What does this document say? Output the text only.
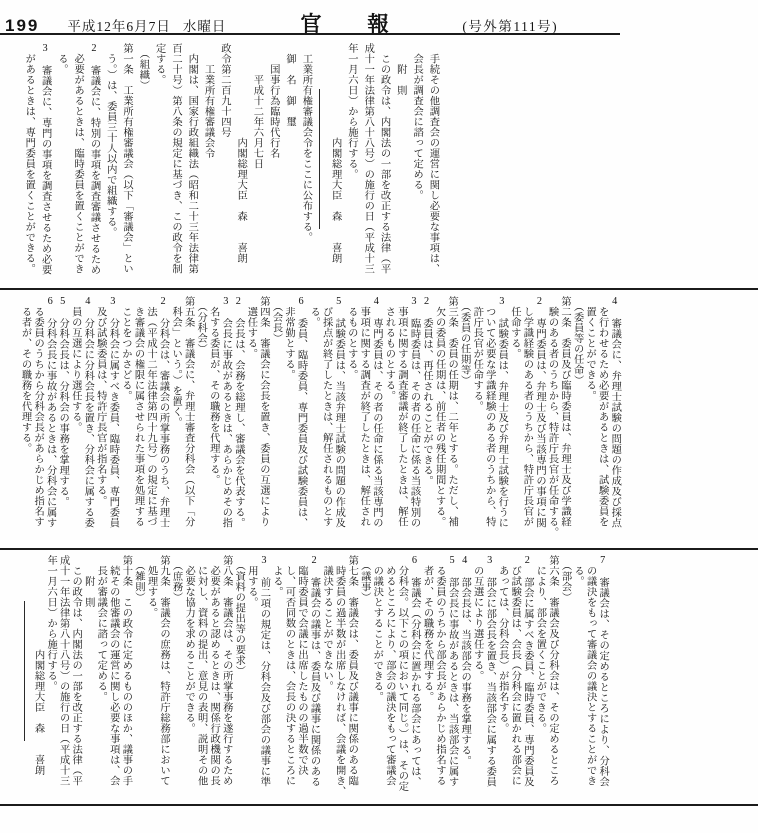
199 平成12年6月7日 水曜日	官報 (号外第111号)
　手続その他調査会の運営に関し必要な事項は、
　会長が調査会に諮って定める。
　　附　則
　この政令は、内閣法の一部を改正する法律（平
成十一年法律第八十八号）の施行の日（平成十三
年一月六日）から施行する。
　　　　　　　　　内閣総理大臣　森　　喜朗
　工業所有権審議会令をここに公布する。
　御　名　御　璽
　　国事行為臨時代行名
　　　平成十二年六月七日
　　　　　　　　　内閣総理大臣　森　　喜朗
政令第二百九十四号
　　工業所有権審議会令
　内閣は、国家行政組織法（昭和二十三年法律第
百二十号）第八条の規定に基づき、この政令を制
定する。
　（組織）
第一条　工業所有権審議会（以下「審議会」とい
　う。）は、委員三十人以内で組織する。
2　審議会に、特別の事項を調査審議させるため
　必要があるときは、臨時委員を置くことができ
　る。
3　審議会に、専門の事項を調査させるため必要
　があるときは、専門委員を置くことができる。
4　審議会に、弁理士試験の問題の作成及び採点
　を行わせるため必要があるときは、試験委員を
　置くことができる。
　（委員等の任命）
第二条　委員及び臨時委員は、弁理士及び学識経
　験のある者のうちから、特許庁長官が任命する。
2　専門委員は、弁理士及び当該専門の事項に関
　し学識経験のある者のうちから、特許庁長官が
　任命する。
3　試験委員は、弁理士及び弁理士試験を行うに
　ついて必要な学識経験のある者のうちから、特
　許庁長官が任命する。
　（委員の任期等）
第三条　委員の任期は、二年とする。ただし、補
　欠の委員の任期は、前任者の残任期間とする。
2　委員は、再任されることができる。
3　臨時委員は、その者の任命に係る当該特別の
　事項に関する調査審議が終了したときは、解任
　されるものとする。
4　専門委員は、その者の任命に係る当該専門の
　事項に関する調査が終了したときは、解任され
　るものとする。
5　試験委員は、当該弁理士試験の問題の作成及
　び採点が終了したときは、解任されるものとす
　る。
6　委員、臨時委員、専門委員及び試験委員は、
　非常勤とする。
　（会長）
第四条　審議会に会長を置き、委員の互選により
　選任する。
2　会長は、会務を総理し、審議会を代表する。
3　会長に事故があるときは、あらかじめその指
　名する委員が、その職務を代理する。
　（分科会）
第五条　審議会に、弁理士審査分科会（以下「分
　科会」という。）を置く。
2　分科会は、審議会の所掌事務のうち、弁理士
　法（平成十二年法律第四十九号）の規定に基づ
　き審議会の権限に属させられた事項を処理する
　ことをつかさどる。
3　分科会に属すべき委員、臨時委員、専門委員
　及び試験委員は、特許庁長官が指名する。
4　分科会に分科会長を置き、分科会に属する委
　員の互選により選任する。
5　分科会長は、分科会の事務を掌理する。
6　分科会長に事故があるときは、分科会に属す
　る委員のうちから分科会長があらかじめ指名す
　る者が、その職務を代理する。
7　審議会は、その定めるところにより、分科会
　の議決をもって審議会の議決とすることができ
　る。
　（部会）
第六条　審議会及び分科会は、その定めるところ
　により、部会を置くことができる。
2　部会に属すべき委員、臨時委員、専門委員及
　び試験委員は、会長（分科会に置かれる部会に
　あっては、分科会長）が指名する。
3　部会に部会長を置き、当該部会に属する委員
　の互選により選任する。
4　部会長は、当該部会の事務を掌理する。
5　部会長に事故があるときは、当該部会に属す
　る委員のうちから部会長があらかじめ指名する
　者が、その職務を代理する。
6　審議会（分科会に置かれる部会にあっては、
　分科会。以下この項において同じ。）は、その定
　めるところにより、部会の議決をもって審議会
　の議決とすることができる。
　（議事）
第七条　審議会は、委員及び議事に関係のある臨
　時委員の過半数が出席しなければ、会議を開き、
　議決することができない。
2　審議会の議事は、委員及び議事に関係のある
　臨時委員で会議に出席したものの過半数で決
　し、可否同数のときは、会長の決するところに
　よる。
3　前二項の規定は、分科会及び部会の議事に準
　用する。
　（資料の提出等の要求）
第八条　審議会は、その所掌事務を遂行するため
　必要があると認めるときは、関係行政機関の長
　に対し、資料の提出、意見の表明、説明その他
　必要な協力を求めることができる。
　（庶務）
第九条　審議会の庶務は、特許庁総務部において
　処理する。
　（雑則）
第十条　この政令に定めるもののほか、議事の手
　続その他審議会の運営に関し必要な事項は、会
　長が審議会に諮って定める。
　　附　則
　この政令は、内閣法の一部を改正する法律（平
成十一年法律第八十八号）の施行の日（平成十三
年一月六日）から施行する。
　　　　　　　　　内閣総理大臣　森　　喜朗
